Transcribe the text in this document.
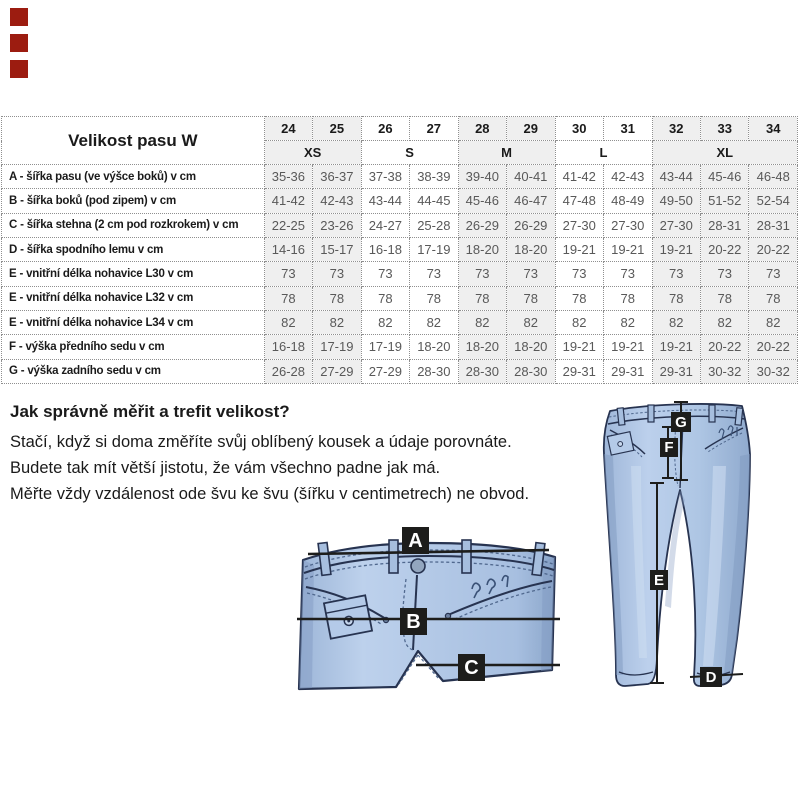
Velikost pasu W	24	25	26	27	28	29	30	31	32	33	34
	XS		S		M		L		XL		
A - šířka pasu (ve výšce boků) v cm	35-36	36-37	37-38	38-39	39-40	40-41	41-42	42-43	43-44	45-46	46-48
B - šířka boků (pod zipem) v cm	41-42	42-43	43-44	44-45	45-46	46-47	47-48	48-49	49-50	51-52	52-54
C - šířka stehna (2 cm pod rozkrokem) v cm	22-25	23-26	24-27	25-28	26-29	26-29	27-30	27-30	27-30	28-31	28-31
D - šířka spodního lemu v cm	14-16	15-17	16-18	17-19	18-20	18-20	19-21	19-21	19-21	20-22	20-22
E - vnitřní délka nohavice L30 v cm	73	73	73	73	73	73	73	73	73	73	73
E - vnitřní délka nohavice L32 v cm	78	78	78	78	78	78	78	78	78	78	78
E - vnitřní délka nohavice L34 v cm	82	82	82	82	82	82	82	82	82	82	82
F - výška předního sedu v cm	16-18	17-19	17-19	18-20	18-20	18-20	19-21	19-21	19-21	20-22	20-22
G - výška zadního sedu v cm	26-28	27-29	27-29	28-30	28-30	28-30	29-31	29-31	29-31	30-32	30-32
Jak správně měřit a trefit velikost?

Stačí, když si doma změříte svůj oblíbený kousek a údaje porovnáte.

Budete tak mít větší jistotu, že vám všechno padne jak má.

Měřte vždy vzdálenost ode švu ke švu (šířku v centimetrech) ne obvod.

A
B
C
G
F
E
D
